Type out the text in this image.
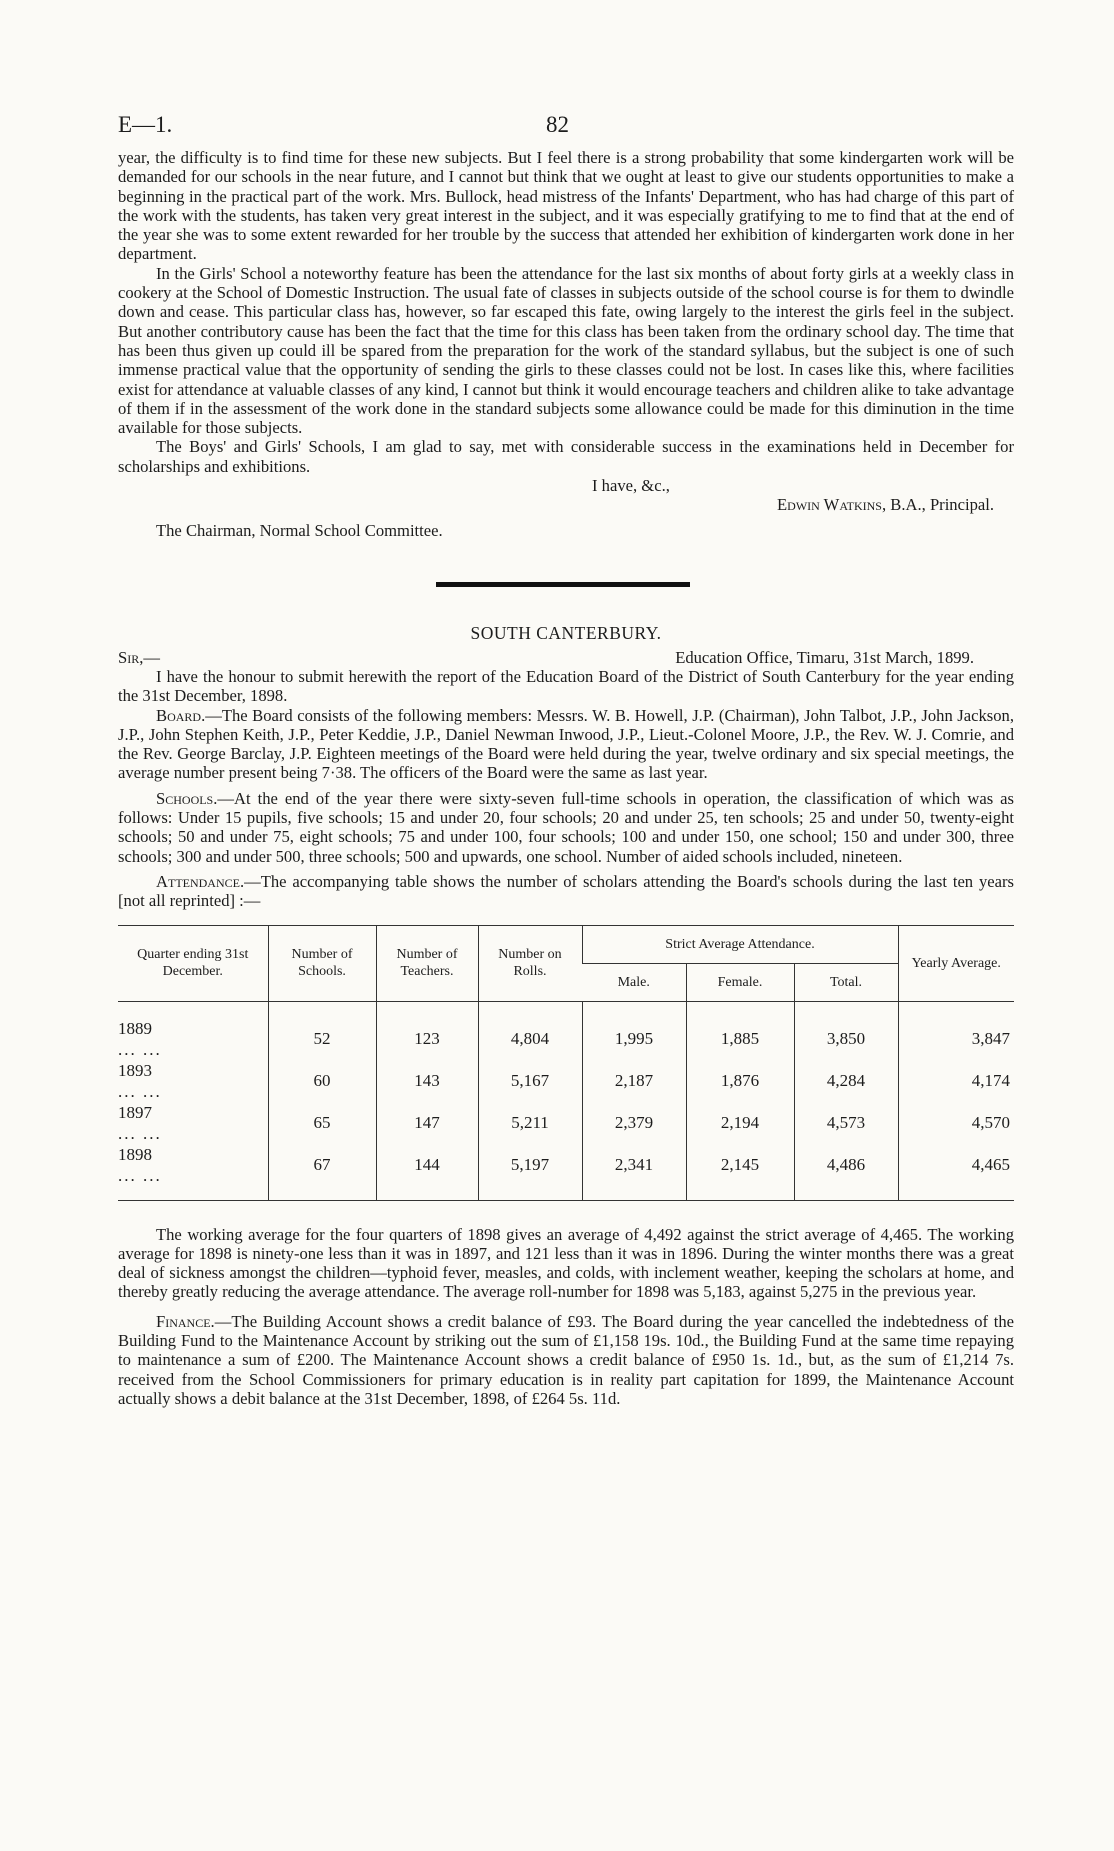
E—1.	82

year, the difficulty is to find time for these new subjects. But I feel there is a strong probability that some kindergarten work will be demanded for our schools in the near future, and I cannot but think that we ought at least to give our students opportunities to make a beginning in the practical part of the work. Mrs. Bullock, head mistress of the Infants' Department, who has had charge of this part of the work with the students, has taken very great interest in the subject, and it was especially gratifying to me to find that at the end of the year she was to some extent rewarded for her trouble by the success that attended her exhibition of kindergarten work done in her department.

In the Girls' School a noteworthy feature has been the attendance for the last six months of about forty girls at a weekly class in cookery at the School of Domestic Instruction. The usual fate of classes in subjects outside of the school course is for them to dwindle down and cease. This particular class has, however, so far escaped this fate, owing largely to the interest the girls feel in the subject. But another contributory cause has been the fact that the time for this class has been taken from the ordinary school day. The time that has been thus given up could ill be spared from the preparation for the work of the standard syllabus, but the subject is one of such immense practical value that the opportunity of sending the girls to these classes could not be lost. In cases like this, where facilities exist for attendance at valuable classes of any kind, I cannot but think it would encourage teachers and children alike to take advantage of them if in the assessment of the work done in the standard subjects some allowance could be made for this diminution in the time available for those subjects.

The Boys' and Girls' Schools, I am glad to say, met with considerable success in the examinations held in December for scholarships and exhibitions.

I have, &c.,
Edwin Watkins, B.A., Principal.
The Chairman, Normal School Committee.
SOUTH CANTERBURY.
Sir,—	Education Office, Timaru, 31st March, 1899.

I have the honour to submit herewith the report of the Education Board of the District of South Canterbury for the year ending the 31st December, 1898.

Board.—The Board consists of the following members: Messrs. W. B. Howell, J.P. (Chairman), John Talbot, J.P., John Jackson, J.P., John Stephen Keith, J.P., Peter Keddie, J.P., Daniel Newman Inwood, J.P., Lieut.-Colonel Moore, J.P., the Rev. W. J. Comrie, and the Rev. George Barclay, J.P. Eighteen meetings of the Board were held during the year, twelve ordinary and six special meetings, the average number present being 7·38. The officers of the Board were the same as last year.

Schools.—At the end of the year there were sixty-seven full-time schools in operation, the classification of which was as follows: Under 15 pupils, five schools; 15 and under 20, four schools; 20 and under 25, ten schools; 25 and under 50, twenty-eight schools; 50 and under 75, eight schools; 75 and under 100, four schools; 100 and under 150, one school; 150 and under 300, three schools; 300 and under 500, three schools; 500 and upwards, one school. Number of aided schools included, nineteen.

Attendance.—The accompanying table shows the number of scholars attending the Board's schools during the last ten years [not all reprinted] :—

Quarter ending 31st December.	Number of Schools.	Number of Teachers.	Number on Rolls.	Strict Average Attendance.			Yearly Average.
				Male.	Female.	Total.	
1889... ...	52	123	4,804	1,995	1,885	3,850	3,847
1893... ...	60	143	5,167	2,187	1,876	4,284	4,174
1897... ...	65	147	5,211	2,379	2,194	4,573	4,570
1898... ...	67	144	5,197	2,341	2,145	4,486	4,465

The working average for the four quarters of 1898 gives an average of 4,492 against the strict average of 4,465. The working average for 1898 is ninety-one less than it was in 1897, and 121 less than it was in 1896. During the winter months there was a great deal of sickness amongst the children—typhoid fever, measles, and colds, with inclement weather, keeping the scholars at home, and thereby greatly reducing the average attendance. The average roll-number for 1898 was 5,183, against 5,275 in the previous year.

Finance.—The Building Account shows a credit balance of £93. The Board during the year cancelled the indebtedness of the Building Fund to the Maintenance Account by striking out the sum of £1,158 19s. 10d., the Building Fund at the same time repaying to maintenance a sum of £200. The Maintenance Account shows a credit balance of £950 1s. 1d., but, as the sum of £1,214 7s. received from the School Commissioners for primary education is in reality part capitation for 1899, the Maintenance Account actually shows a debit balance at the 31st December, 1898, of £264 5s. 11d.
